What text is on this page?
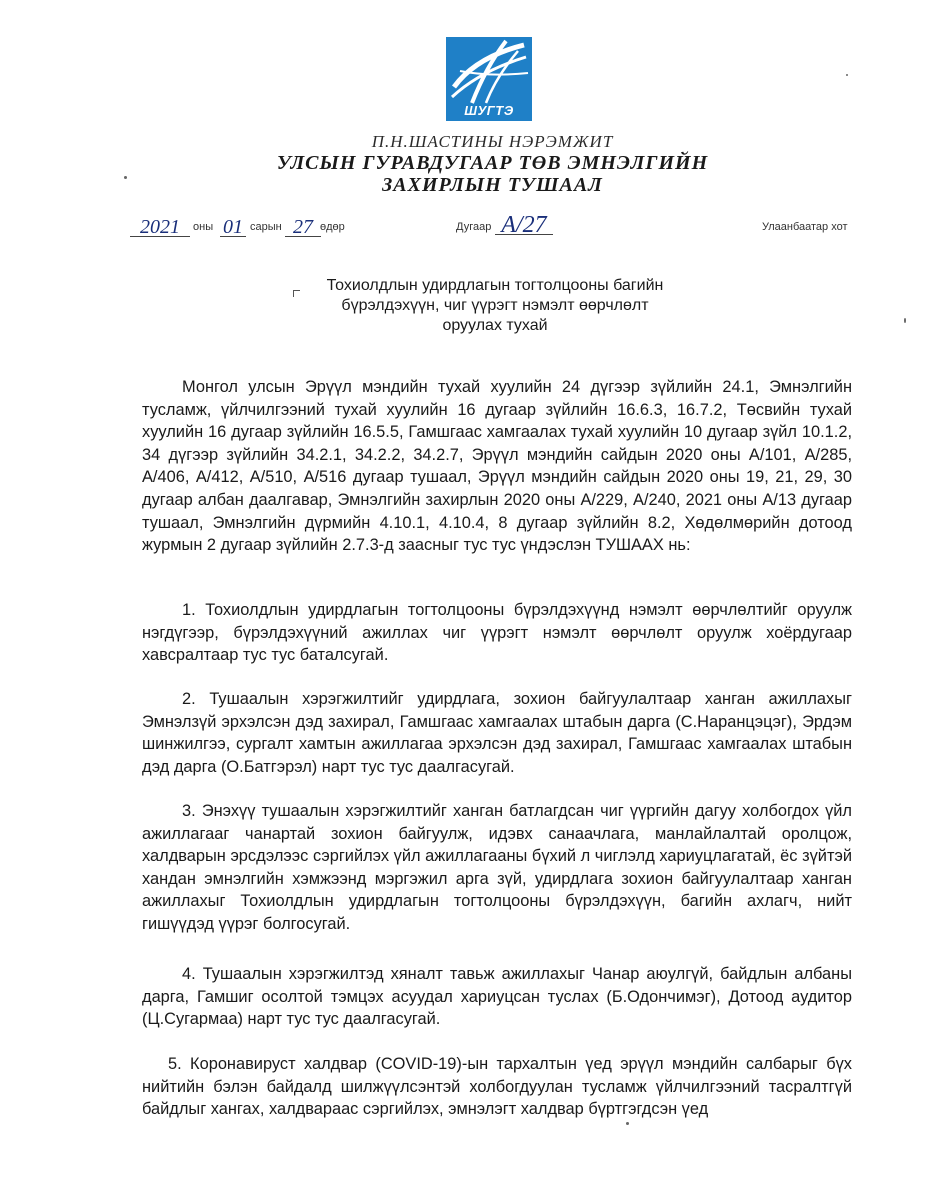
ШУГТЭ
П.Н.ШАСТИНЫ НЭРЭМЖИТ
УЛСЫН ГУРАВДУГААР ТӨВ ЭМНЭЛГИЙН
ЗАХИРЛЫН ТУШААЛ
2021	оны 01 сарын 27 өдөр	Дугаар А/27	Улаанбаатар хот
Тохиолдлын удирдлагын тогтолцооны багийн
бүрэлдэхүүн, чиг үүрэгт нэмэлт өөрчлөлт
оруулах тухай
Монгол улсын Эрүүл мэндийн тухай хуулийн 24 дүгээр зүйлийн 24.1, Эмнэлгийн тусламж, үйлчилгээний тухай хуулийн 16 дугаар зүйлийн 16.6.3, 16.7.2, Төсвийн тухай хуулийн 16 дугаар зүйлийн 16.5.5, Гамшгаас хамгаалах тухай хуулийн 10 дугаар зүйл 10.1.2, 34 дүгээр зүйлийн 34.2.1, 34.2.2, 34.2.7, Эрүүл мэндийн сайдын 2020 оны А/101, А/285, А/406, А/412, А/510, А/516 дугаар тушаал, Эрүүл мэндийн сайдын 2020 оны 19, 21, 29, 30 дугаар албан даалгавар, Эмнэлгийн захирлын 2020 оны А/229, А/240, 2021 оны А/13 дугаар тушаал, Эмнэлгийн дүрмийн 4.10.1, 4.10.4, 8 дугаар зүйлийн 8.2, Хөдөлмөрийн дотоод журмын 2 дугаар зүйлийн 2.7.3-д заасныг тус тус үндэслэн ТУШААХ нь:
1. Тохиолдлын удирдлагын тогтолцооны бүрэлдэхүүнд нэмэлт өөрчлөлтийг оруулж нэгдүгээр, бүрэлдэхүүний ажиллах чиг үүрэгт нэмэлт өөрчлөлт оруулж хоёрдугаар хавсралтаар тус тус баталсугай.
2. Тушаалын хэрэгжилтийг удирдлага, зохион байгуулалтаар ханган ажиллахыг Эмнэлзүй эрхэлсэн дэд захирал, Гамшгаас хамгаалах штабын дарга (С.Наранцэцэг), Эрдэм шинжилгээ, сургалт хамтын ажиллагаа эрхэлсэн дэд захирал, Гамшгаас хамгаалах штабын дэд дарга (О.Батгэрэл) нарт тус тус даалгасугай.
3. Энэхүү тушаалын хэрэгжилтийг ханган батлагдсан чиг үүргийн дагуу холбогдох үйл ажиллагааг чанартай зохион байгуулж, идэвх санаачлага, манлайлалтай оролцож, халдварын эрсдэлээс сэргийлэх үйл ажиллагааны бүхий л чиглэлд хариуцлагатай, ёс зүйтэй хандан эмнэлгийн хэмжээнд мэргэжил арга зүй, удирдлага зохион байгуулалтаар ханган ажиллахыг Тохиолдлын удирдлагын тогтолцооны бүрэлдэхүүн, багийн ахлагч, нийт гишүүдэд үүрэг болгосугай.
4. Тушаалын хэрэгжилтэд хяналт тавьж ажиллахыг Чанар аюулгүй, байдлын албаны дарга, Гамшиг осолтой тэмцэх асуудал хариуцсан туслах (Б.Одончимэг), Дотоод аудитор (Ц.Сугармаа) нарт тус тус даалгасугай.
5. Коронавируст халдвар (COVID-19)-ын тархалтын үед эрүүл мэндийн салбарыг бүх нийтийн бэлэн байдалд шилжүүлсэнтэй холбогдуулан тусламж үйлчилгээний тасралтгүй байдлыг хангах, халдвараас сэргийлэх, эмнэлэгт халдвар бүртгэгдсэн үед
